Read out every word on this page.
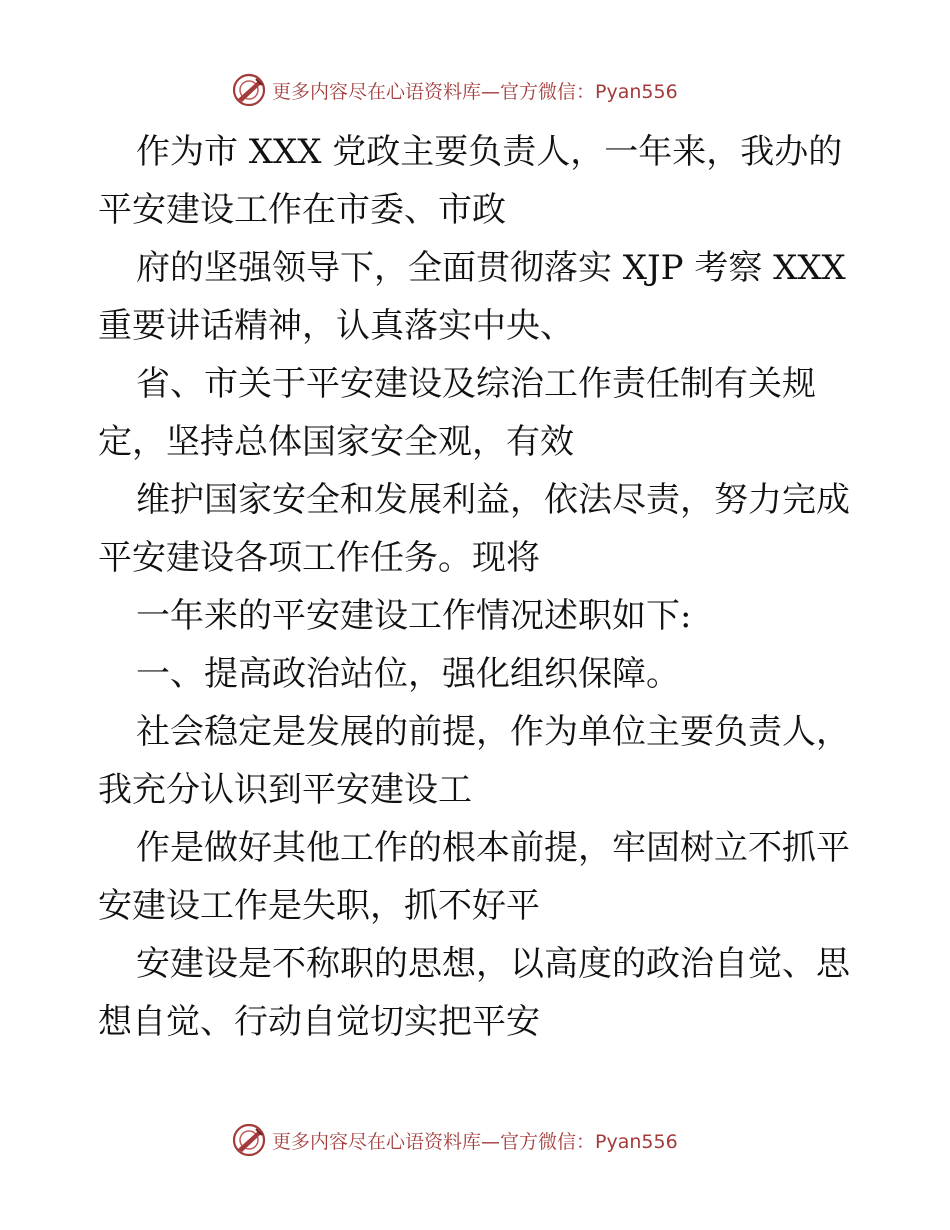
更多内容尽在心语资料库—官方微信：Pyan556
作为市 XXX 党政主要负责人，一年来，我办的
平安建设工作在市委、市政
府的坚强领导下，全面贯彻落实 XJP 考察 XXX
重要讲话精神，认真落实中央、
省、市关于平安建设及综治工作责任制有关规
定，坚持总体国家安全观，有效
维护国家安全和发展利益，依法尽责，努力完成
平安建设各项工作任务。现将
一年来的平安建设工作情况述职如下:
一、提高政治站位，强化组织保障。
社会稳定是发展的前提，作为单位主要负责人，
我充分认识到平安建设工
作是做好其他工作的根本前提，牢固树立不抓平
安建设工作是失职，抓不好平
安建设是不称职的思想，以高度的政治自觉、思
想自觉、行动自觉切实把平安
更多内容尽在心语资料库—官方微信：Pyan556
